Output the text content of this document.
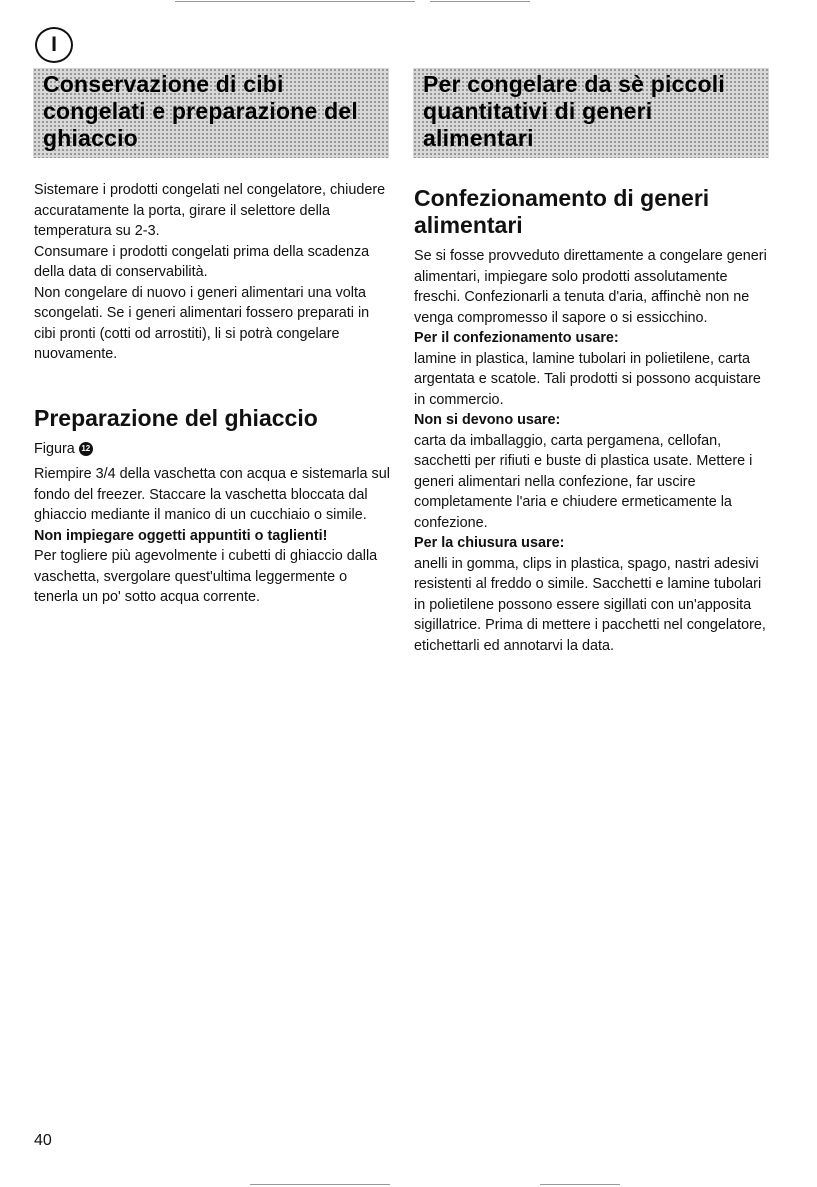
I
Conservazione di cibi congelati e preparazione del ghiaccio
Per congelare da sè piccoli quantitativi di generi alimentari

Sistemare i prodotti congelati nel congelatore, chiudere accuratamente la porta, girare il selettore della temperatura su 2-3.

Consumare i prodotti congelati prima della scadenza della data di conservabilità.

Non congelare di nuovo i generi alimentari una volta scongelati. Se i generi alimentari fossero preparati in cibi pronti (cotti od arrostiti), li si potrà congelare nuovamente.

Preparazione del ghiaccio
Figura 12

Riempire 3/4 della vaschetta con acqua e sistemarla sul fondo del freezer. Staccare la vaschetta bloccata dal ghiaccio mediante il manico di un cucchiaio o simile.

Non impiegare oggetti appuntiti o taglienti!

Per togliere più agevolmente i cubetti di ghiaccio dalla vaschetta, svergolare quest'ultima leggermente o tenerla un po' sotto acqua corrente.

Confezionamento di generi alimentari

Se si fosse provveduto direttamente a congelare generi alimentari, impiegare solo prodotti assolutamente freschi. Confezionarli a tenuta d'aria, affinchè non ne venga compromesso il sapore o si essicchino.

Per il confezionamento usare:

lamine in plastica, lamine tubolari in polietilene, carta argentata e scatole. Tali prodotti si possono acquistare in commercio.

Non si devono usare:

carta da imballaggio, carta pergamena, cellofan, sacchetti per rifiuti e buste di plastica usate. Mettere i generi alimentari nella confezione, far uscire completamente l'aria e chiudere ermeticamente la confezione.

Per la chiusura usare:

anelli in gomma, clips in plastica, spago, nastri adesivi resistenti al freddo o simile. Sacchetti e lamine tubolari in polietilene possono essere sigillati con un'apposita sigillatrice. Prima di mettere i pacchetti nel congelatore, etichettarli ed annotarvi la data.

40
